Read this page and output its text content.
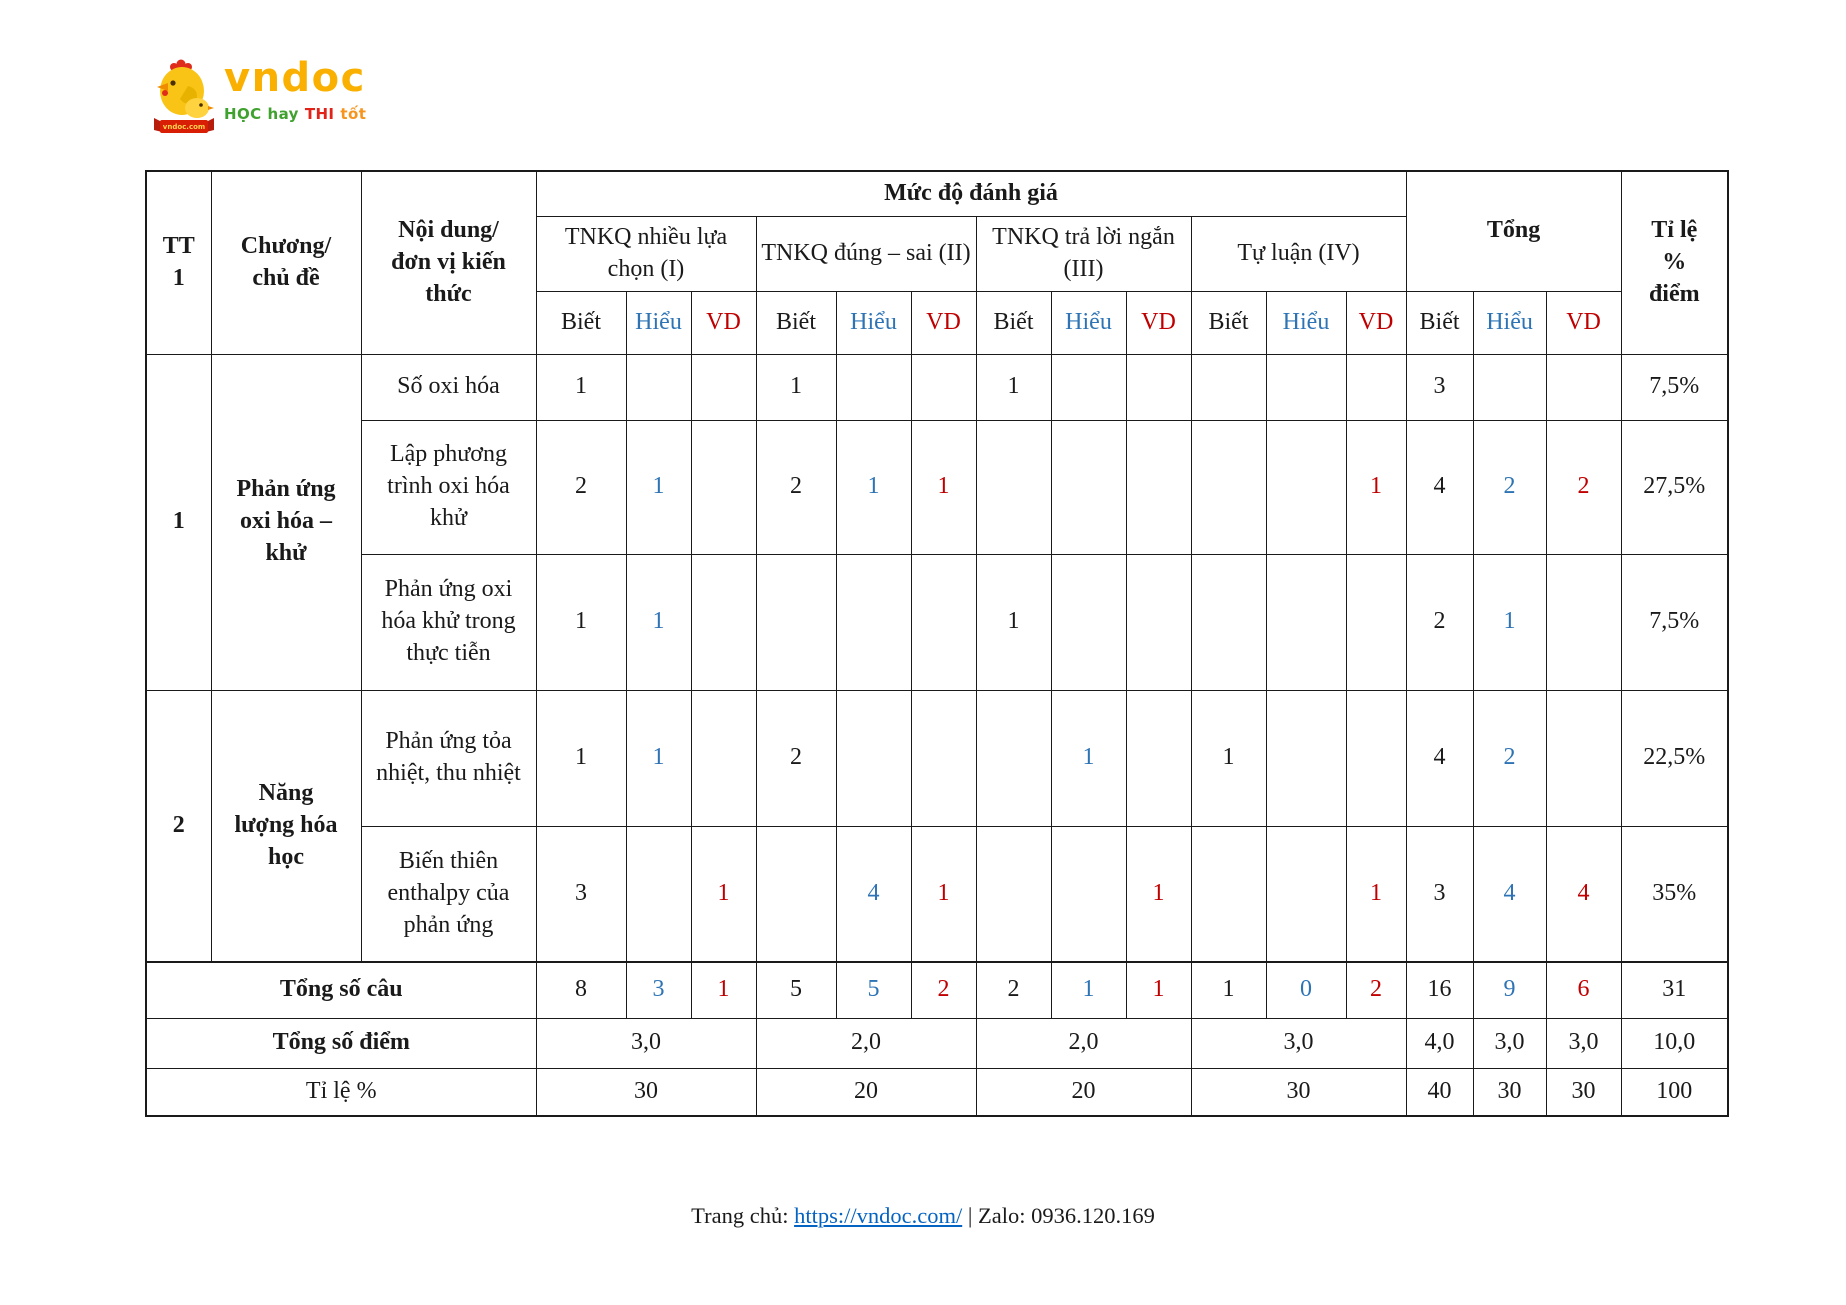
vndoc.com
vndoc
HỌC hay THI tốt
TT
1	Chương/ chủ đề	Nội dung/đơn vị kiến thức	Mức độ đánh giá												Tổng			Tỉ lệ % điểm

			TNKQ nhiều lựa chọn (I)			TNKQ đúng – sai (II)			TNKQ trả lời ngắn (III)			Tự luận (IV)						
			Biết	Hiểu	VD	Biết	Hiểu	VD	Biết	Hiểu	VD	Biết	Hiểu	VD	Biết	Hiểu	VD	
1	Phản ứng oxi hóa – khử	Số oxi hóa	1			1			1						3			7,5%

		Lập phương trình oxi hóa khử	2	1		2	1	1						1	4	2	2	27,5%

		Phản ứng oxi hóa khử trong thực tiễn	1	1					1						2	1		7,5%
2	Năng lượng hóa học	Phản ứng tỏa nhiệt, thu nhiệt	1	1		2				1		1			4	2		22,5%

		Biến thiên enthalpy của phản ứng	3		1		4	1			1			1	3	4	4	35%
Tổng số câu			8	3	1	5	5	2	2	1	1	1	0	2	16	9	6	31
Tổng số điểm			3,0			2,0			2,0			3,0			4,0	3,0	3,0	10,0
Tỉ lệ %			30			20			20			30			40	30	30	100
Trang chủ: https://vndoc.com/ | Zalo: 0936.120.169
